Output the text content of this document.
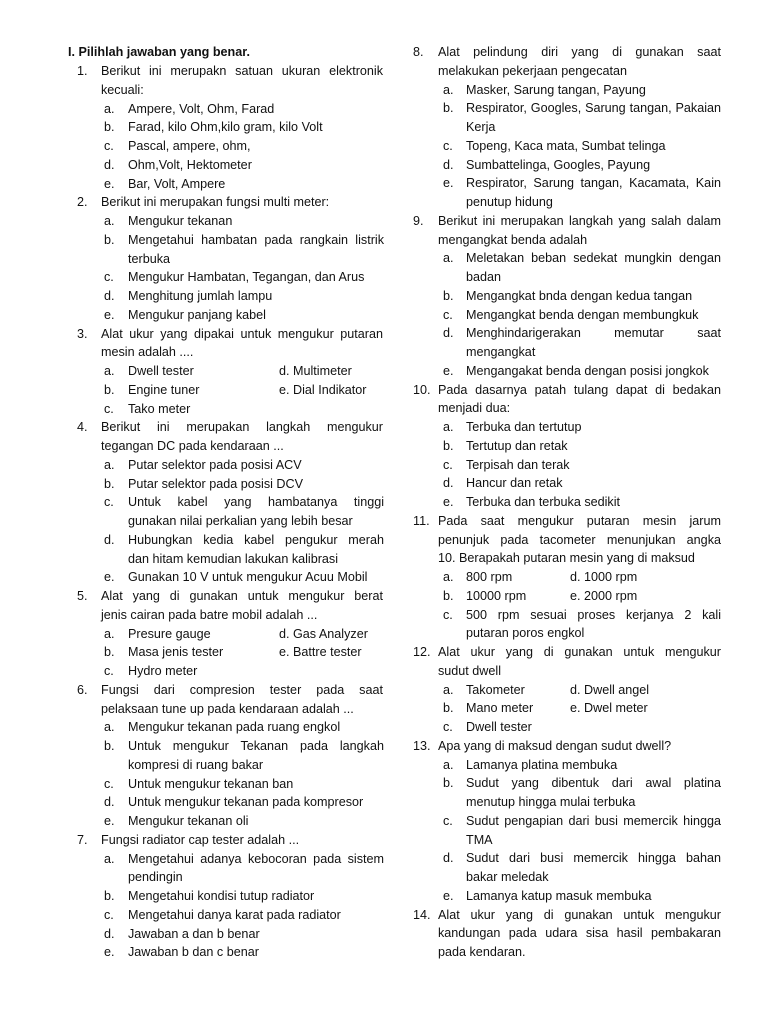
1. Berikut ini merupakn satuan ukuran elektronik
kecuali:
a. Ampere, Volt, Ohm, Farad
b. Farad, kilo Ohm,kilo gram, kilo Volt
c. Pascal, ampere, ohm,
d. Ohm,Volt, Hektometer
e. Bar, Volt, Ampere
2. Berikut ini merupakan fungsi multi meter:
a. Mengukur tekanan
b. Mengetahui hambatan pada rangkain listrik
terbuka
c. Mengukur Hambatan, Tegangan, dan Arus
d. Menghitung jumlah lampu
e. Mengukur panjang kabel
3. Alat ukur yang dipakai untuk mengukur putaran
mesin adalah ....
a. Dwell tester	d. Multimeter
b. Engine tuner	e. Dial Indikator
c. Tako meter
4. Berikut ini merupakan langkah mengukur
tegangan DC pada kendaraan ...
a. Putar selektor pada posisi ACV
b. Putar selektor pada posisi DCV
c. Untuk kabel yang hambatanya tinggi
gunakan nilai perkalian yang lebih besar
d. Hubungkan kedia kabel pengukur merah
dan hitam kemudian lakukan kalibrasi
e. Gunakan 10 V untuk mengukur Acuu Mobil
5. Alat yang di gunakan untuk mengukur berat
jenis cairan pada batre mobil adalah ...
a. Presure gauge	d. Gas Analyzer
b. Masa jenis tester	e. Battre tester
c. Hydro meter
6. Fungsi dari compresion tester pada saat
pelaksaan tune up pada kendaraan adalah ...
a. Mengukur tekanan pada ruang engkol
b. Untuk mengukur Tekanan pada langkah
kompresi di ruang bakar
c. Untuk mengukur tekanan ban
d. Untuk mengukur tekanan pada kompresor
e. Mengukur tekanan oli
7. Fungsi radiator cap tester adalah ...
a. Mengetahui adanya kebocoran pada sistem
pendingin
b. Mengetahui kondisi tutup radiator
c. Mengetahui danya karat pada radiator
d. Jawaban a dan b benar
e. Jawaban b dan c benar
8. Alat pelindung diri yang di gunakan saat
melakukan pekerjaan pengecatan
a. Masker, Sarung tangan, Payung
b. Respirator, Googles, Sarung tangan, Pakaian
Kerja
c. Topeng, Kaca mata, Sumbat telinga
d. Sumbattelinga, Googles, Payung
e. Respirator, Sarung tangan, Kacamata, Kain
penutup hidung
9. Berikut ini merupakan langkah yang salah dalam
mengangkat benda adalah
a. Meletakan beban sedekat mungkin dengan
badan
b. Mengangkat bnda dengan kedua tangan
c. Mengangkat benda dengan membungkuk
d. Menghindarigerakan memutar saat
mengangkat
e. Mengangakat benda dengan posisi jongkok
10. Pada dasarnya patah tulang dapat di bedakan
menjadi dua:
a. Terbuka dan tertutup
b. Tertutup dan retak
c. Terpisah dan terak
d. Hancur dan retak
e. Terbuka dan terbuka sedikit
11. Pada saat mengukur putaran mesin jarum
penunjuk pada tacometer menunjukan angka
10. Berapakah putaran mesin yang di maksud
a. 800 rpm	d. 1000 rpm
b. 10000 rpm	e. 2000 rpm
c. 500 rpm sesuai proses kerjanya 2 kali
putaran poros engkol
12. Alat ukur yang di gunakan untuk mengukur
sudut dwell
a. Takometer	d. Dwell angel
b. Mano meter	e. Dwel meter
c. Dwell tester
13. Apa yang di maksud dengan sudut dwell?
a. Lamanya platina membuka
b. Sudut yang dibentuk dari awal platina
menutup hingga mulai terbuka
c. Sudut pengapian dari busi memercik hingga
TMA
d. Sudut dari busi memercik hingga bahan
bakar meledak
e. Lamanya katup masuk membuka
14. Alat ukur yang di gunakan untuk mengukur
kandungan pada udara sisa hasil pembakaran
pada kendaran.
I. Pilihlah jawaban yang benar.
